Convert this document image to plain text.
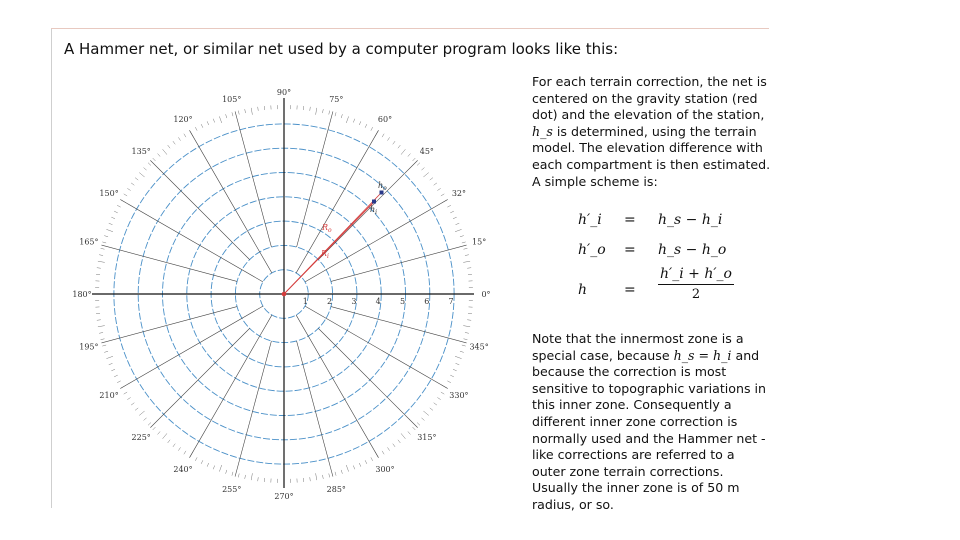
A Hammer net, or similar net used by a computer program looks like this:
0°
15°
32°
45°
60°
75°
90°
105°
120°
135°
150°
165°
180°
195°
210°
225°
240°
255°
270°
285°
300°
315°
330°
345°
1 2 3 4 5 6 7
$h_o$
$h_i$
$R_o$
$R_i$
For each terrain correction, the net is centered on the gravity station (red dot) and the elevation of the station, h_s is determined, using the terrain model. The elevation difference with each compartment is then estimated. A simple scheme is:
h′_i = h_s − h_i
h′_o = h_s − h_o
h	=
h′_i + h′_o
2
Note that the innermost zone is a special case, because h_s = h_i and because the correction is most sensitive to topographic variations in this inner zone. Consequently a different inner zone correction is normally used and the Hammer net - like corrections are referred to a outer zone terrain corrections. Usually the inner zone is of 50 m radius, or so.
